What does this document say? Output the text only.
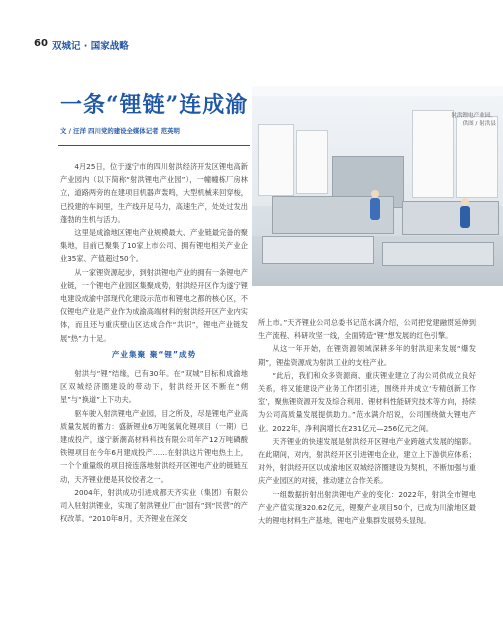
60 双城记 · 国家战略
一条“锂链”连成渝
文 / 汪洋 四川党的建设全媒体记者 范英明
射洪锂电产业园。供图 / 射洪县

4月25日，位于遂宁市的四川射洪经济开发区锂电高新产业园内（以下简称“射洪锂电产业园”），一幢幢栋厂房林立，道路两旁的在建项目机器声轰鸣，大型机械来回穿梭，已投建的车间里，生产线开足马力，高速生产，处处过发出蓬勃的生机与活力。

这里是成渝地区锂电产业规模最大、产业链最完备的聚集地，目前已聚集了10家上市公司、拥有锂电相关产业企业35家、产值超过50个。

从一家锂资源起步，到射洪锂电产业的拥有一条锂电产业链，一个锂电产业园区集聚成势，射洪经开区作为遂宁锂电建设成渝中部现代化建设示范市和锂电之都的核心区，不仅锂电产业是产业作为成渝高端材料的射洪经开区产业内实体，而且还与重庆壁山区达成合作“共识”，锂电产业链发展“热”力十足。

产业集聚 聚“锂”成势

射洪与“锂”结缘，已有30年。在“双城”目标和成渝地区双城经济圈建设的带动下，射洪经开区不断在“朔星”与“换道”上下功夫。

驱车驶入射洪锂电产业园，目之所及，尽是锂电产业高质量发展的蓄力：盛新锂业6万吨氢氧化锂项目（一期）已建成投产，遂宁新潮高材料科技有限公司年产12万吨磷酸铁锂项目在今年6月建成投产……在射洪这片锂电热土上，一个个重量级的项目接连落地射洪经开区锂电产业的链链互动，天齐锂业便是其佼佼者之一。

2004年，射洪成功引进成都天齐实业（集团）有限公司入驻射洪锂业，实现了射洪锂业厂由“国有”到“民营”的产权改革。“2010年8月，天齐锂业在深交

所上市。”天齐锂业公司总委书记范水满介绍，公司把党建融贯延伸到生产流程、科研攻坚一线，全面铸造“锂”想发展的红色引擎。

从这一年开始，在锂资源领域深耕多年的射洪迎来发展“爆发期”，锂盐资源成为射洪工业的支柱产业。

“此后，我们和众多资源商、重庆锂业建立了沟公司供成立良好关系，将又能建设产业务工作团引进，围绕并并成立‘专精创新工作室’，聚焦锂资源开发及综合利用、锂材料性能研究技术等方向，持续为公司高质量发展提供助力。”范水满介绍说，公司围绕做大锂电产业。2022年，净利润增长在231亿元—256亿元之间。

天齐锂业的快速发展是射洪经开区锂电产业跨越式发展的缩影。在此期间，对内，射洪经开区引进锂电企业，建立上下游供应体系；对外，射洪经开区以成渝地区双城经济圈建设为契机，不断加强与重庆产业园区的对接，推动建立合作关系。

一组数据折射出射洪锂电产业的变化：2022年，射洪全市锂电产业产值实现320.62亿元，锂聚产业项目50个，已成为川渝地区最大的锂电材料生产基地，锂电产业集群发展势头显现。
